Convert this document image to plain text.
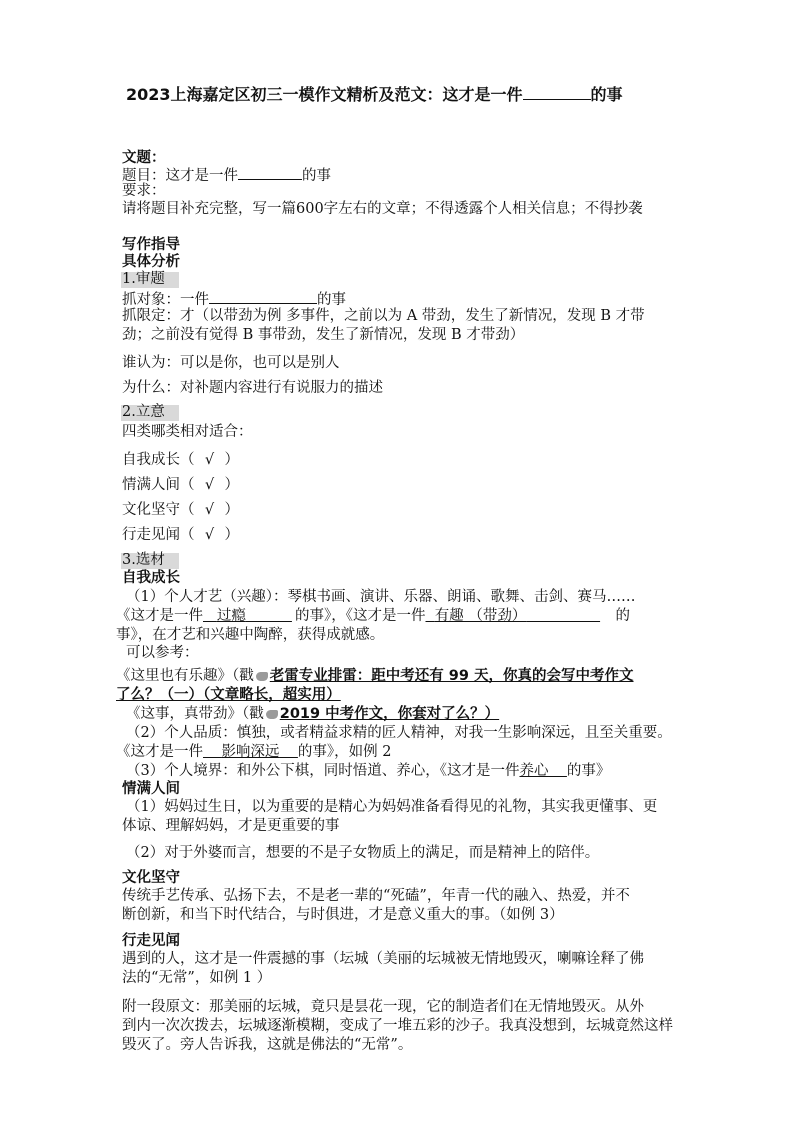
2023上海嘉定区初三一模作文精析及范文：这才是一件	的事
文题：
题目：这才是一件	的事
要求：
请将题目补充完整，写一篇600字左右的文章；不得透露个人相关信息；不得抄袭
写作指导
具体分析
1.审题
抓对象：一件	的事
抓限定：才（以带劲为例 多事件，之前以为 A 带劲，发生了新情况，发现 B 才带
劲；之前没有觉得 B 事带劲，发生了新情况，发现 B 才带劲）
谁认为：可以是你，也可以是别人
为什么：对补题内容进行有说服力的描述
2.立意
四类哪类相对适合：
自我成长（ √ ）
情满人间（ √ ）
文化坚守（ √ ）
行走见闻（ √ ）
3.选材
自我成长
（1）个人才艺（兴趣）：琴棋书画、演讲、乐器、朗诵、歌舞、击剑、赛马……
《这才是一件 过瘾	的事》，《这才是一件 有趣 （带劲）	的
事》，在才艺和兴趣中陶醉，获得成就感。
可以参考：
《这里也有乐趣》（戳 老雷专业排雷：距中考还有 99 天，你真的会写中考作文
了么？（一）（文章略长，超实用）
《这事，真带劲》（戳 2019 中考作文，你套对了么？）
（2）个人品质：慎独，或者精益求精的匠人精神，对我一生影响深远，且至关重要。
《这才是一件 影响深远 的事》，如例 2
（3）个人境界：和外公下棋，同时悟道、养心，《这才是一件养心 的事》
情满人间
（1）妈妈过生日，以为重要的是精心为妈妈准备看得见的礼物，其实我更懂事、更
体谅、理解妈妈，才是更重要的事
（2）对于外婆而言，想要的不是子女物质上的满足，而是精神上的陪伴。
文化坚守
传统手艺传承、弘扬下去，不是老一辈的“死磕”，年青一代的融入、热爱，并不
断创新，和当下时代结合，与时俱进，才是意义重大的事。（如例 3）
行走见闻
遇到的人，这才是一件震撼的事（坛城（美丽的坛城被无情地毁灭，喇嘛诠释了佛
法的“无常”，如例 1 ）
附一段原文：那美丽的坛城，竟只是昙花一现，它的制造者们在无情地毁灭。从外
到内一次次拨去，坛城逐渐模糊，变成了一堆五彩的沙子。我真没想到，坛城竟然这样
毁灭了。旁人告诉我，这就是佛法的“无常”。
